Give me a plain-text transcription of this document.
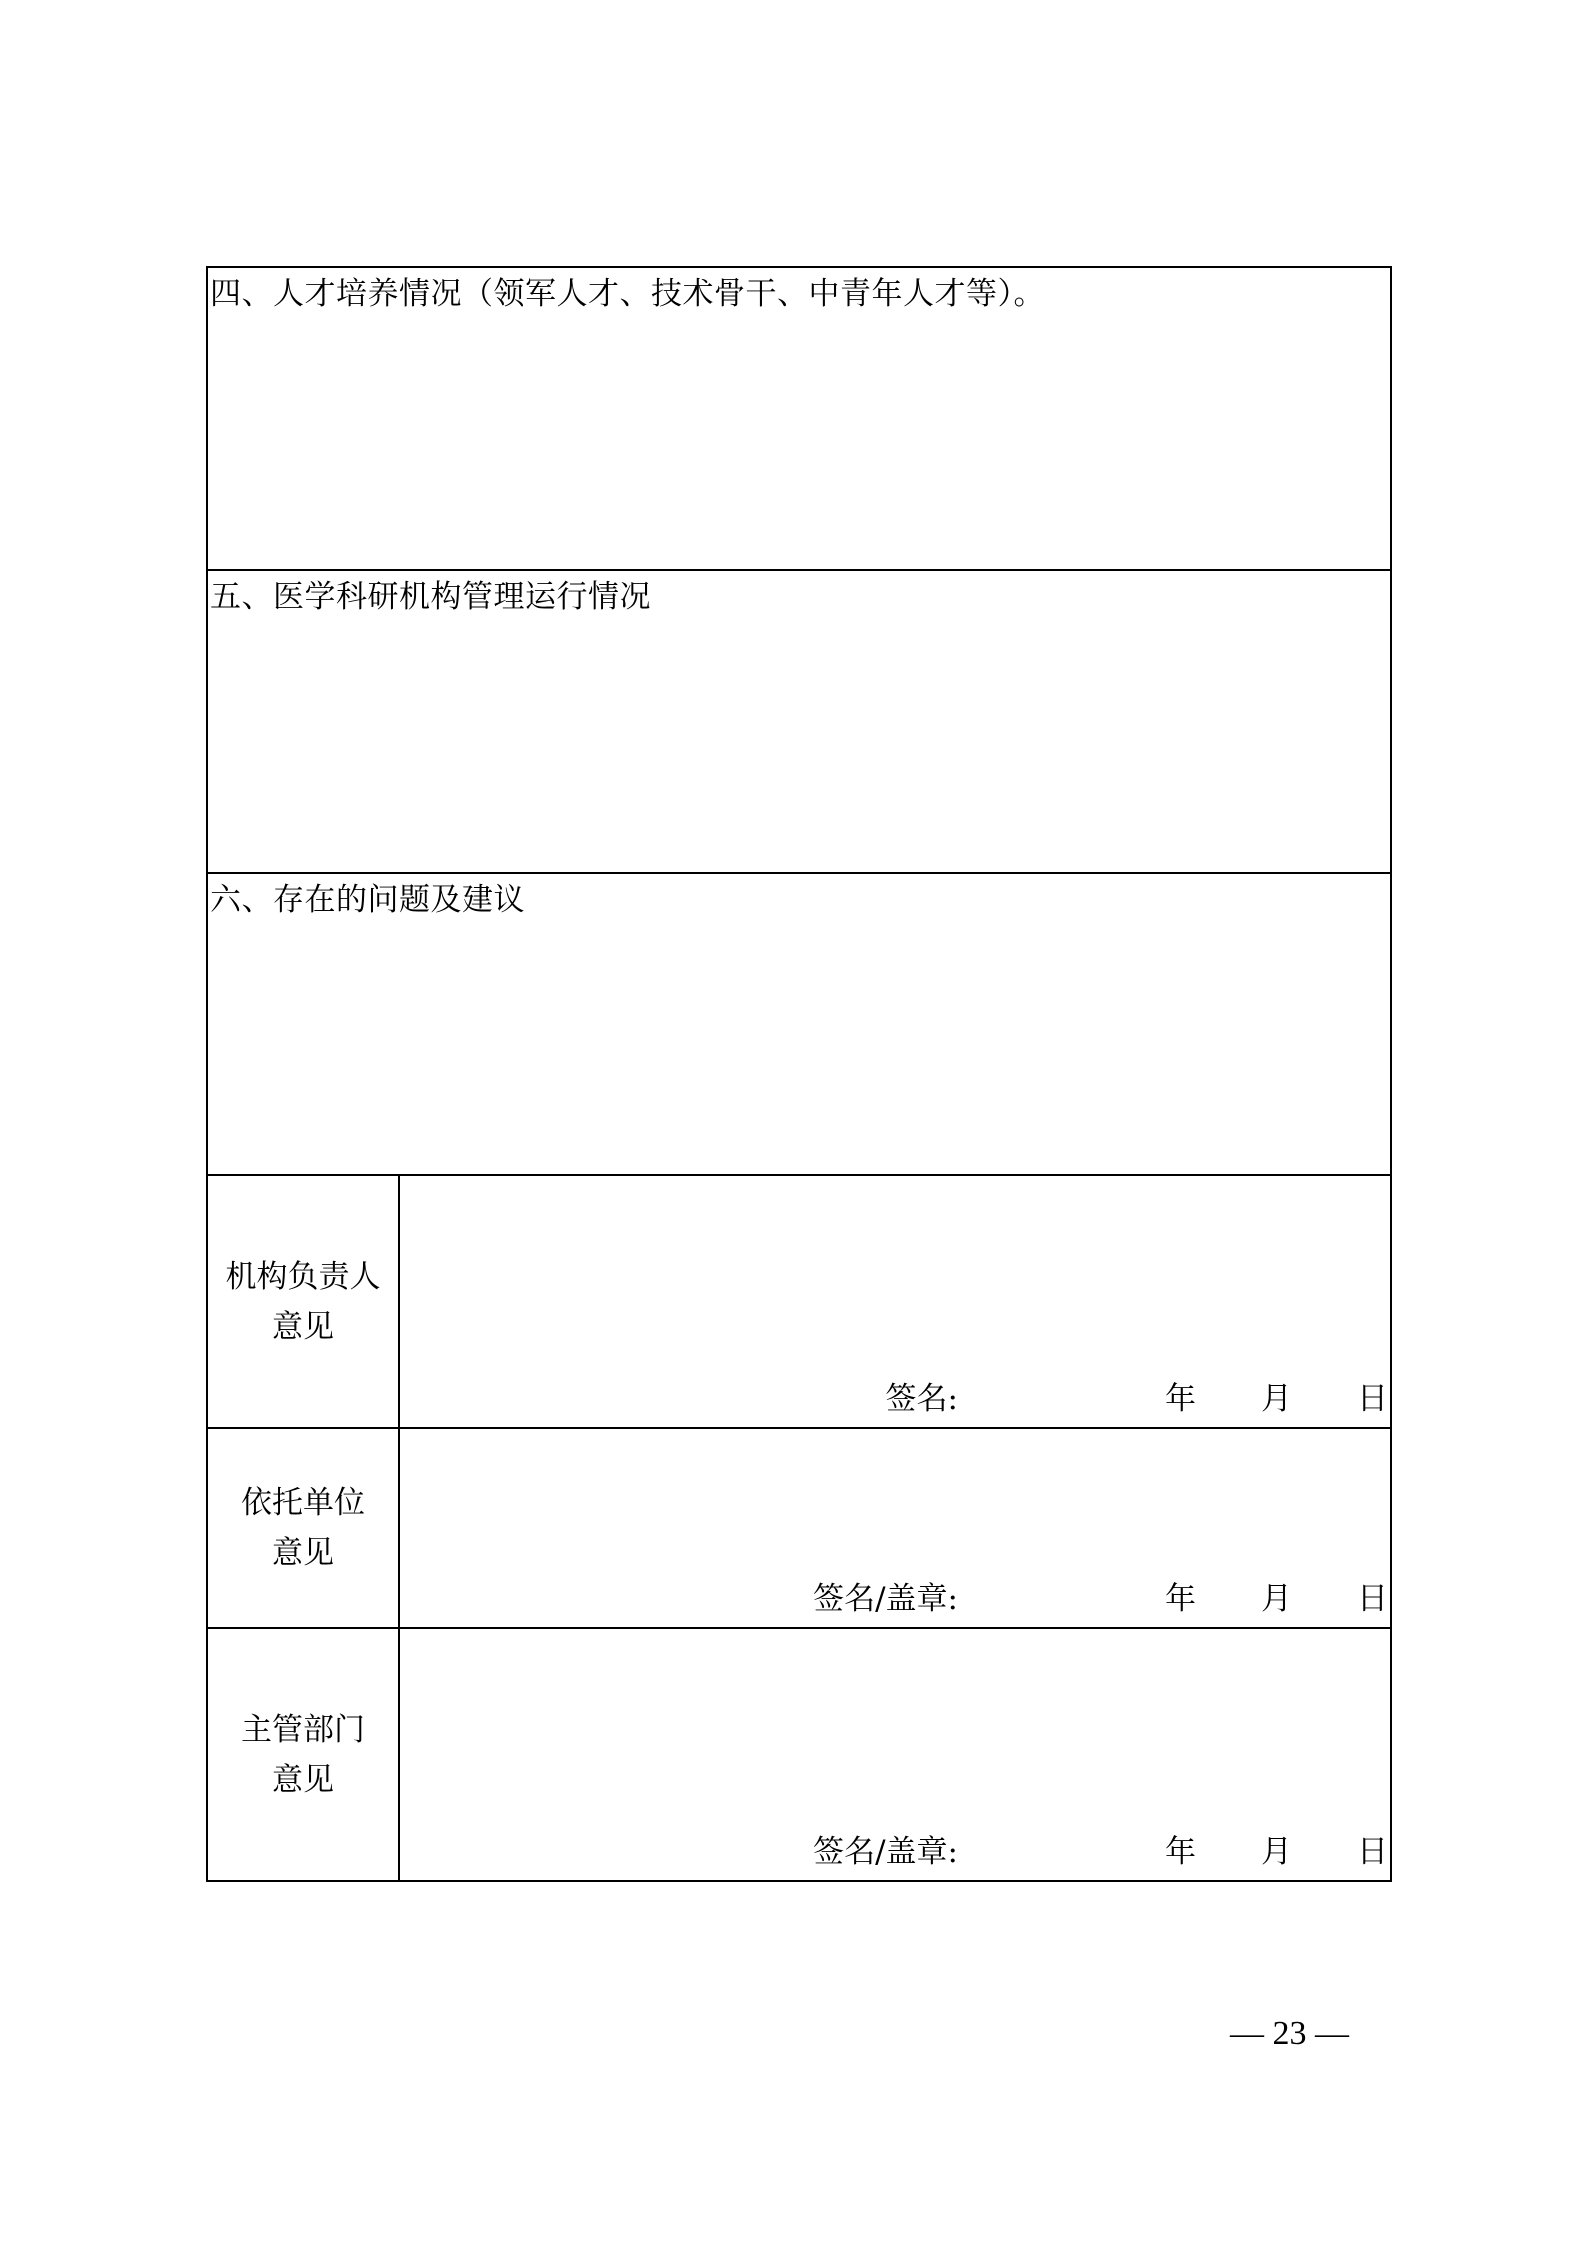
四、人才培养情况（领军人才、技术骨干、中青年人才等）。	

五、医学科研机构管理运行情况	

六、存在的问题及建议	

机构负责人
意见	签名: 年 月 日

依托单位
意见	签名/盖章: 年 月 日

主管部门
意见	签名/盖章: 年 月 日
— 23 —
